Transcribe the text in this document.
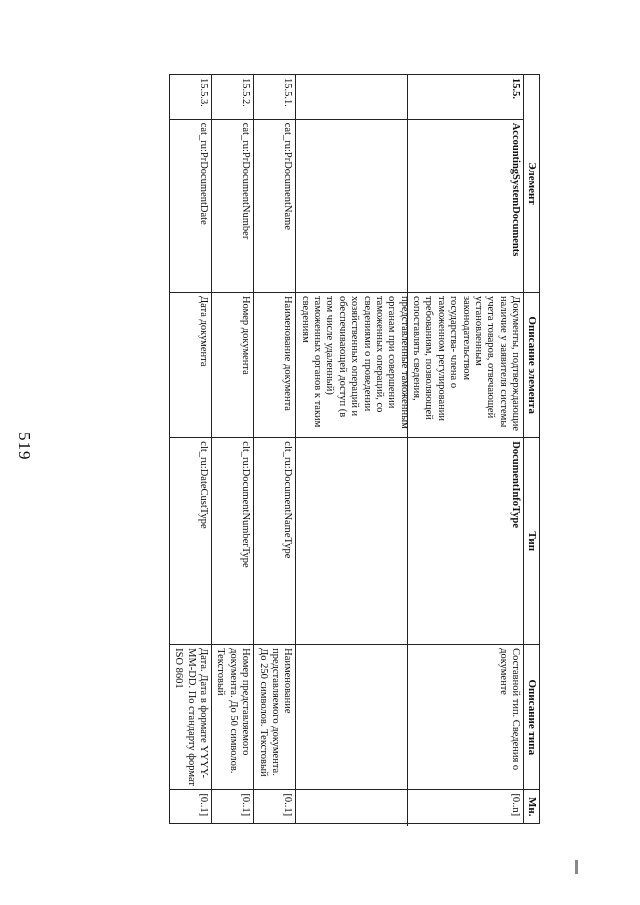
519
Элемент		Описание элемента	Тип	Описание типа	Мн.
15.5.	AccountingSystemDocuments	Документы, подтверждающие наличие у заявителя системы учета товаров, отвечающей установленным законодательством государства- члена о таможенном регулировании требованиям, позволяющей сопоставлять сведения, представленные таможенным органам при совершении таможенных операций, со сведениями о проведении хозяйственных операций и обеспечивающей доступ (в том числе удаленный) таможенных органов к таким сведениям	DocumentInfoType	Составной тип. Сведения о документе	[0..n]
15.5.1.	cat_ru:PrDocumentName	Наименование документа	clt_ru:DocumentNameType	Наименование представляемого документа. До 250 символов. Текстовый	[0..1]
15.5.2.	cat_ru:PrDocumentNumber	Номер документа	clt_ru:DocumentNumberType	Номер представляемого документа. До 50 символов. Текстовый	[0..1]
15.5.3.	cat_ru:PrDocumentDate	Дата документа	clt_ru:DateCustType	Дата. Дата в формате YYYY-MM-DD. По стандарту формат ISO 8601	[0..1]
